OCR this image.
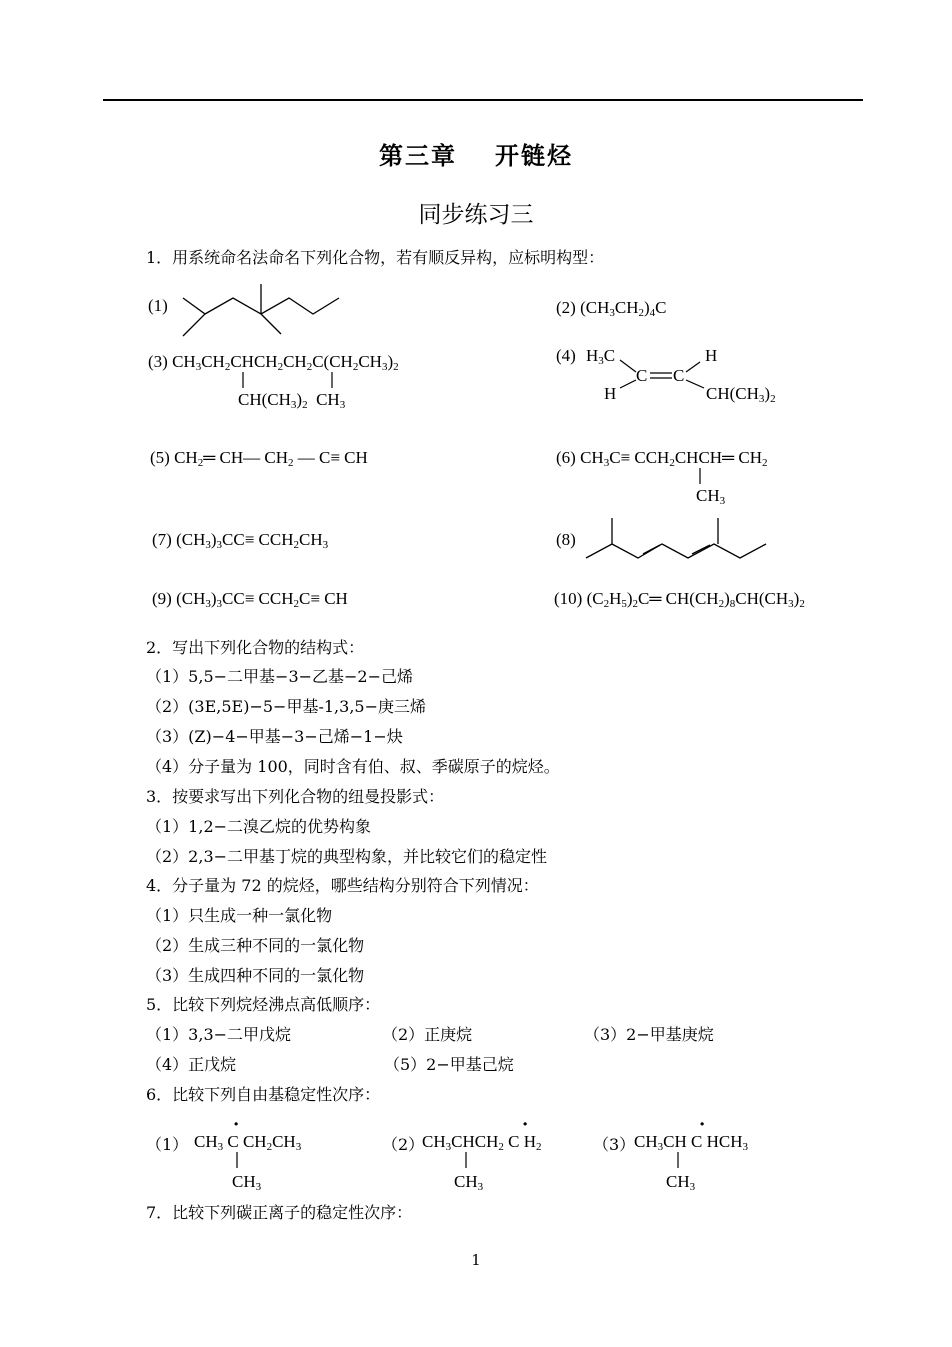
第三章 开链烃
同步练习三
1．用系统命名法命名下列化合物，若有顺反异构，应标明构型：
(1)	(2) $(CH_3CH_2)_4C$
(3) $CH_3CH_2CHCH_2CH_2C(CH_2CH_3)_2$
$CH(CH_3)_2$  $CH_3$
(4) $H_3C$	H
C C
H	$CH(CH_3)_2$
(5) $CH_2═$ CH— $CH_2$ — C≡ CH	(6) $CH_3C\equiv$ $CCH_2CHCH═$ $CH_2$
$CH_3$
(7) $(CH_3)_3CC\equiv CCH_2CH_3$	(8)
(9) $(CH_3)_3CC\equiv CCH_2C\equiv$ CH	(10) $(C_2H_5)_2C═$ $CH(CH_2)_8CH(CH_3)_2$
2．写出下列化合物的结构式：
（1）5,5−二甲基−3−乙基−2−己烯
（2）(3E,5E)−5−甲基-1,3,5−庚三烯
（3）(Z)−4−甲基−3−己烯−1−炔
（4）分子量为 100，同时含有伯、叔、季碳原子的烷烃。
3．按要求写出下列化合物的纽曼投影式：
（1）1,2−二溴乙烷的优势构象
（2）2,3−二甲基丁烷的典型构象，并比较它们的稳定性
4．分子量为 72 的烷烃，哪些结构分别符合下列情况：
（1）只生成一种一氯化物
（2）生成三种不同的一氯化物
（3）生成四种不同的一氯化物
5．比较下列烷烃沸点高低顺序：
（1）3,3−二甲戊烷	（2）正庚烷	（3）2−甲基庚烷
（4）正戊烷	（5）2−甲基己烷
6．比较下列自由基稳定性次序：
（1） $CH_3$ C $CH_2CH_3$
·
$CH_3$
（2）
$CH_3CHCH_2$ C $H_2$
·
$CH_3$
（3）
$CH_3CH$ C $HCH_3$
·
$CH_3$
7．比较下列碳正离子的稳定性次序：
1
